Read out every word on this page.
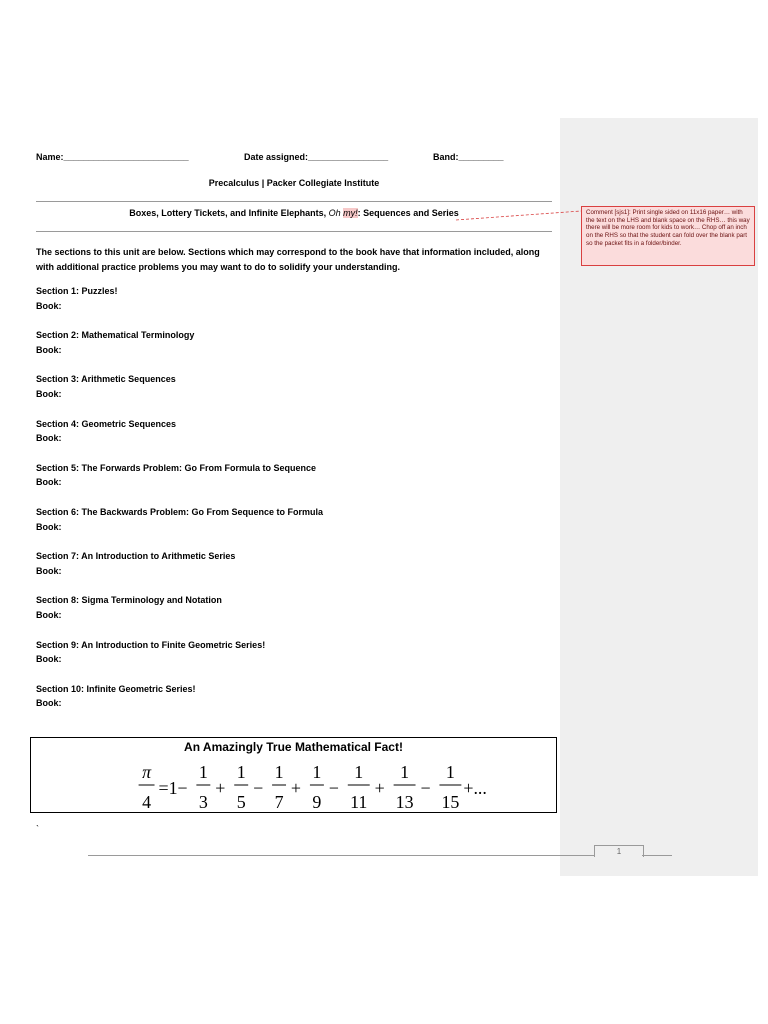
Name:_________________________	Date assigned:________________	Band:_________
Precalculus | Packer Collegiate Institute
Boxes, Lottery Tickets, and Infinite Elephants, Oh my!: Sequences and Series
The sections to this unit are below. Sections which may correspond to the book have that information included, along with additional practice problems you may want to do to solidify your understanding.
Section 1: Puzzles!
Book:
Section 2: Mathematical Terminology
Book:
Section 3: Arithmetic Sequences
Book:
Section 4: Geometric Sequences
Book:
Section 5: The Forwards Problem: Go From Formula to Sequence
Book:
Section 6: The Backwards Problem: Go From Sequence to Formula
Book:
Section 7: An Introduction to Arithmetic Series
Book:
Section 8: Sigma Terminology and Notation
Book:
Section 9: An Introduction to Finite Geometric Series!
Book:
Section 10: Infinite Geometric Series!
Book:
An Amazingly True Mathematical Fact!
π
4
=1 −
1
3
+
1
5
−
1
7
+
1
9
−
1
11
+
1
13
−
1
15
+...
`
Comment [sjs1]: Print single sided on 11x16 paper… with the text on the LHS and blank space on the RHS… this way there will be more room for kids to work… Chop off an inch on the RHS so that the student can fold over the blank part so the packet fits in a folder/binder.
1
